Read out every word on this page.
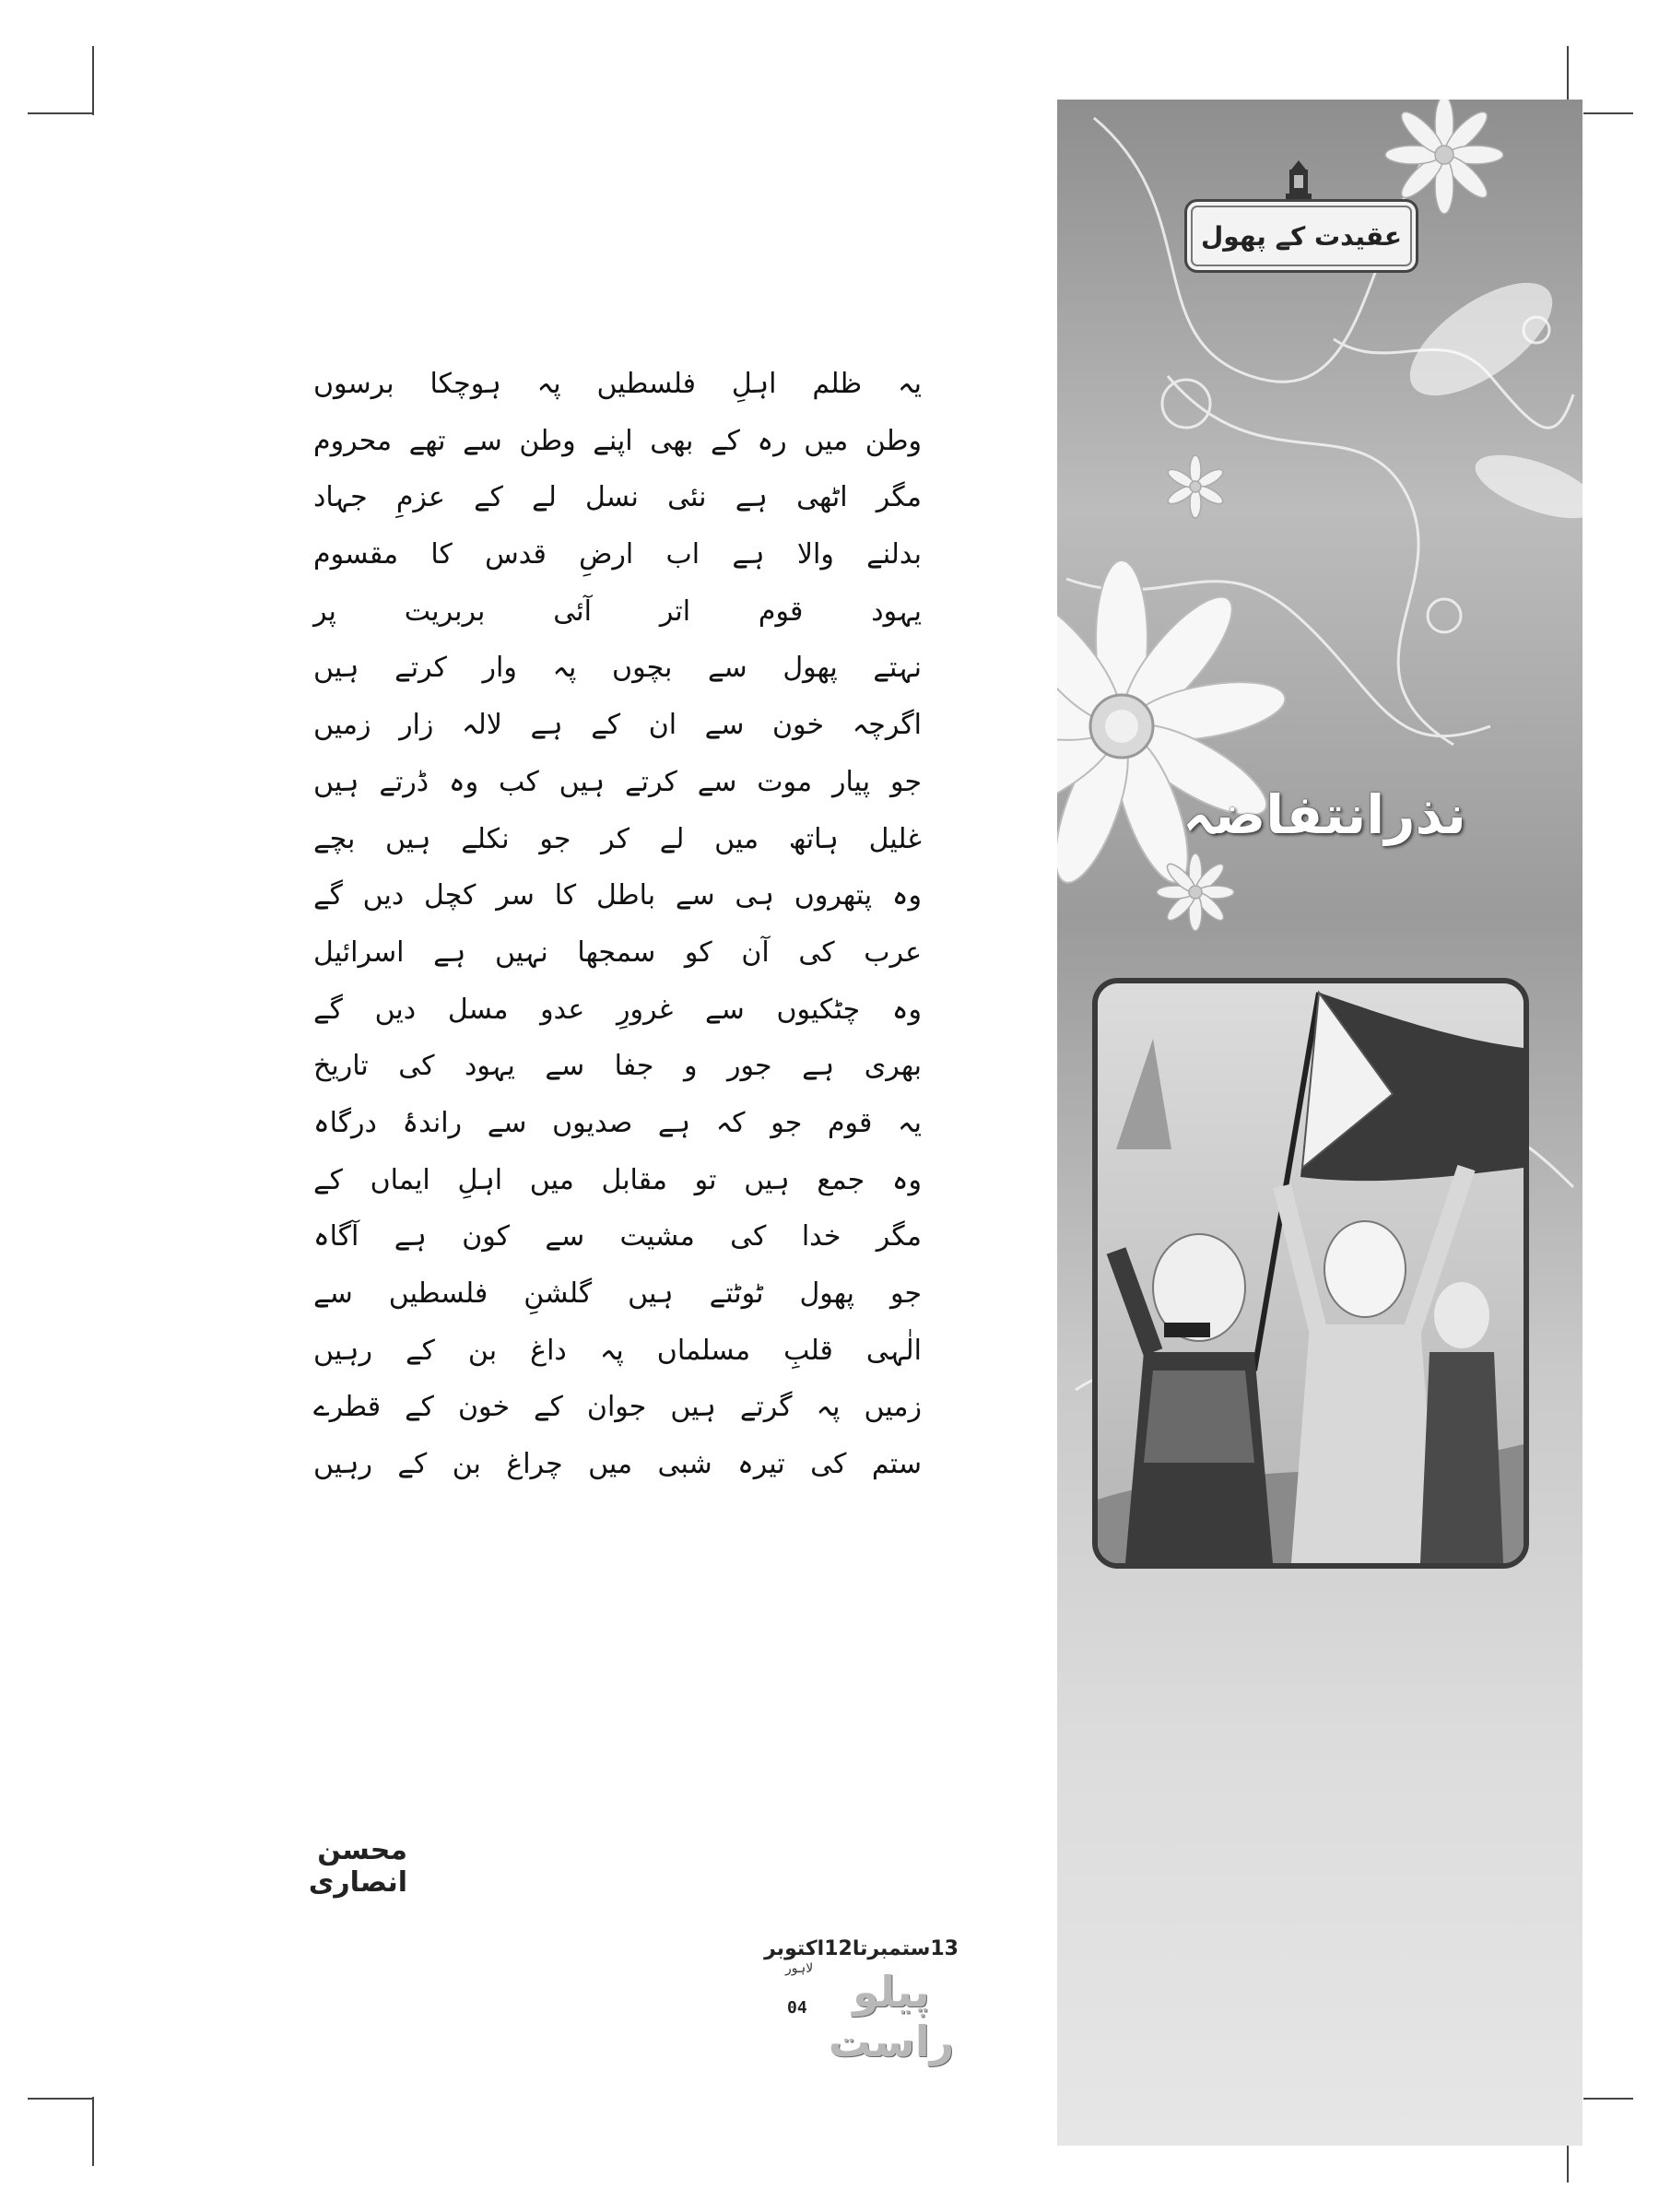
یہ ظلم اہلِ فلسطیں پہ ہوچکا برسوں
وطن میں رہ کے بھی اپنے وطن سے تھے محروم
مگر اٹھی ہے نئی نسل لے کے عزمِ جہاد
بدلنے والا ہے اب ارضِ قدس کا مقسوم
یہود قوم اتر آئی بربریت پر
نہتے پھول سے بچوں پہ وار کرتے ہیں
اگرچہ خون سے ان کے ہے لالہ زار زمیں
جو پیار موت سے کرتے ہیں کب وہ ڈرتے ہیں
غلیل ہاتھ میں لے کر جو نکلے ہیں بچے
وہ پتھروں ہی سے باطل کا سر کچل دیں گے
عرب کی آن کو سمجھا نہیں ہے اسرائیل
وہ چٹکیوں سے غرورِ عدو مسل دیں گے
بھری ہے جور و جفا سے یہود کی تاریخ
یہ قوم جو کہ ہے صدیوں سے راندۂ درگاہ
وہ جمع ہیں تو مقابل میں اہلِ ایماں کے
مگر خدا کی مشیت سے کون ہے آگاہ
جو پھول ٹوٹتے ہیں گلشنِ فلسطیں سے
الٰہی قلبِ مسلماں پہ داغ بن کے رہیں
زمیں پہ گرتے ہیں جوان کے خون کے قطرے
ستم کی تیرہ شبی میں چراغ بن کے رہیں
محسن انصاری
عقیدت کے پھول
نذرانتفاضہ
13ستمبرتا12اکتوبر
لاہور
04	پیلو راست
